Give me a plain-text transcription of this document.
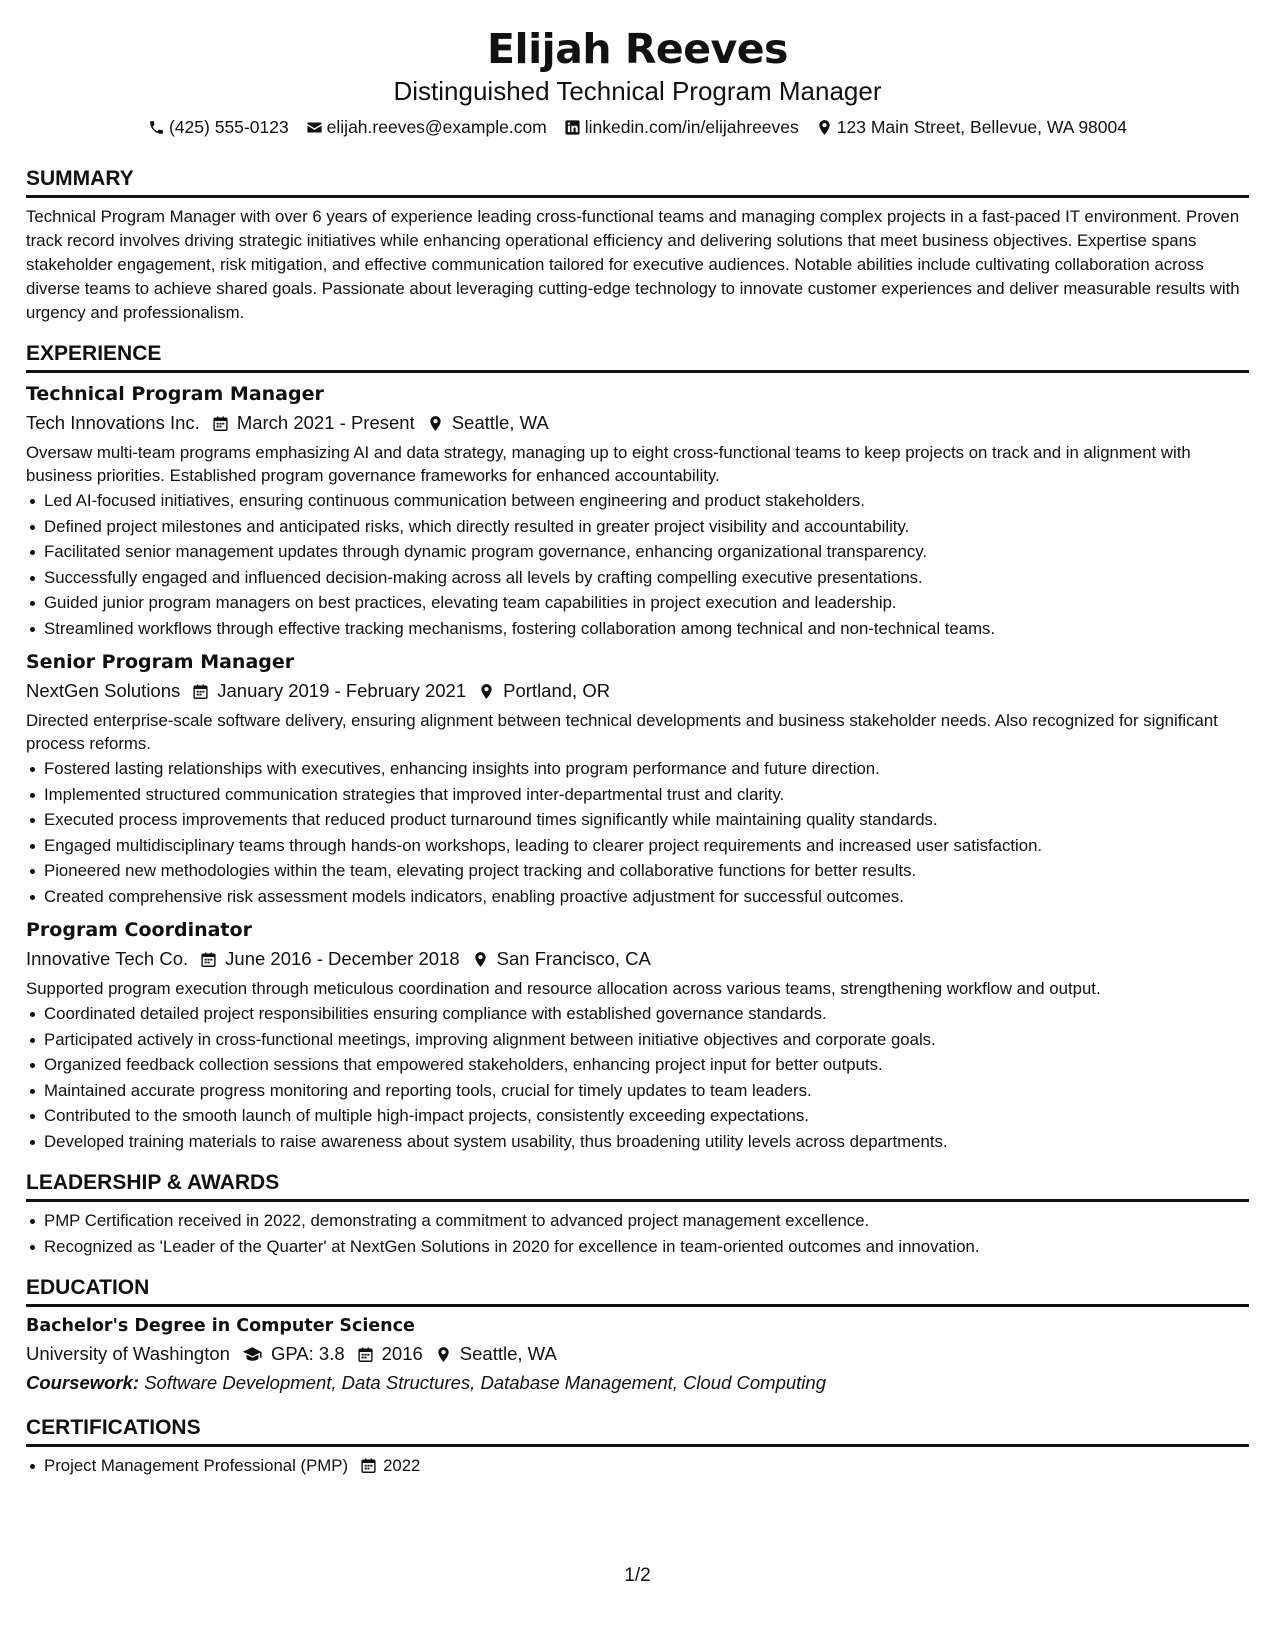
Elijah Reeves
Distinguished Technical Program Manager
(425) 555-0123 elijah.reeves@example.com linkedin.com/in/elijahreeves 123 Main Street, Bellevue, WA 98004
SUMMARY

Technical Program Manager with over 6 years of experience leading cross-functional teams and managing complex projects in a fast-paced IT environment. Proven track record involves driving strategic initiatives while enhancing operational efficiency and delivering solutions that meet business objectives. Expertise spans stakeholder engagement, risk mitigation, and effective communication tailored for executive audiences. Notable abilities include cultivating collaboration across diverse teams to achieve shared goals. Passionate about leveraging cutting-edge technology to innovate customer experiences and deliver measurable results with urgency and professionalism.

EXPERIENCE
Technical Program Manager
Tech Innovations Inc. March 2021 - Present Seattle, WA
Oversaw multi-team programs emphasizing AI and data strategy, managing up to eight cross-functional teams to keep projects on track and in alignment with business priorities. Established program governance frameworks for enhanced accountability.
Led AI-focused initiatives, ensuring continuous communication between engineering and product stakeholders.
Defined project milestones and anticipated risks, which directly resulted in greater project visibility and accountability.
Facilitated senior management updates through dynamic program governance, enhancing organizational transparency.
Successfully engaged and influenced decision-making across all levels by crafting compelling executive presentations.
Guided junior program managers on best practices, elevating team capabilities in project execution and leadership.
Streamlined workflows through effective tracking mechanisms, fostering collaboration among technical and non-technical teams.
Senior Program Manager
NextGen Solutions January 2019 - February 2021 Portland, OR
Directed enterprise-scale software delivery, ensuring alignment between technical developments and business stakeholder needs. Also recognized for significant process reforms.
Fostered lasting relationships with executives, enhancing insights into program performance and future direction.
Implemented structured communication strategies that improved inter-departmental trust and clarity.
Executed process improvements that reduced product turnaround times significantly while maintaining quality standards.
Engaged multidisciplinary teams through hands-on workshops, leading to clearer project requirements and increased user satisfaction.
Pioneered new methodologies within the team, elevating project tracking and collaborative functions for better results.
Created comprehensive risk assessment models indicators, enabling proactive adjustment for successful outcomes.
Program Coordinator
Innovative Tech Co. June 2016 - December 2018 San Francisco, CA
Supported program execution through meticulous coordination and resource allocation across various teams, strengthening workflow and output.
Coordinated detailed project responsibilities ensuring compliance with established governance standards.
Participated actively in cross-functional meetings, improving alignment between initiative objectives and corporate goals.
Organized feedback collection sessions that empowered stakeholders, enhancing project input for better outputs.
Maintained accurate progress monitoring and reporting tools, crucial for timely updates to team leaders.
Contributed to the smooth launch of multiple high-impact projects, consistently exceeding expectations.
Developed training materials to raise awareness about system usability, thus broadening utility levels across departments.
LEADERSHIP & AWARDS
PMP Certification received in 2022, demonstrating a commitment to advanced project management excellence.
Recognized as 'Leader of the Quarter' at NextGen Solutions in 2020 for excellence in team-oriented outcomes and innovation.
EDUCATION
Bachelor's Degree in Computer Science
University of Washington GPA: 3.8 2016 Seattle, WA
Coursework: Software Development, Data Structures, Database Management, Cloud Computing
CERTIFICATIONS
Project Management Professional (PMP) 2022
1/2
